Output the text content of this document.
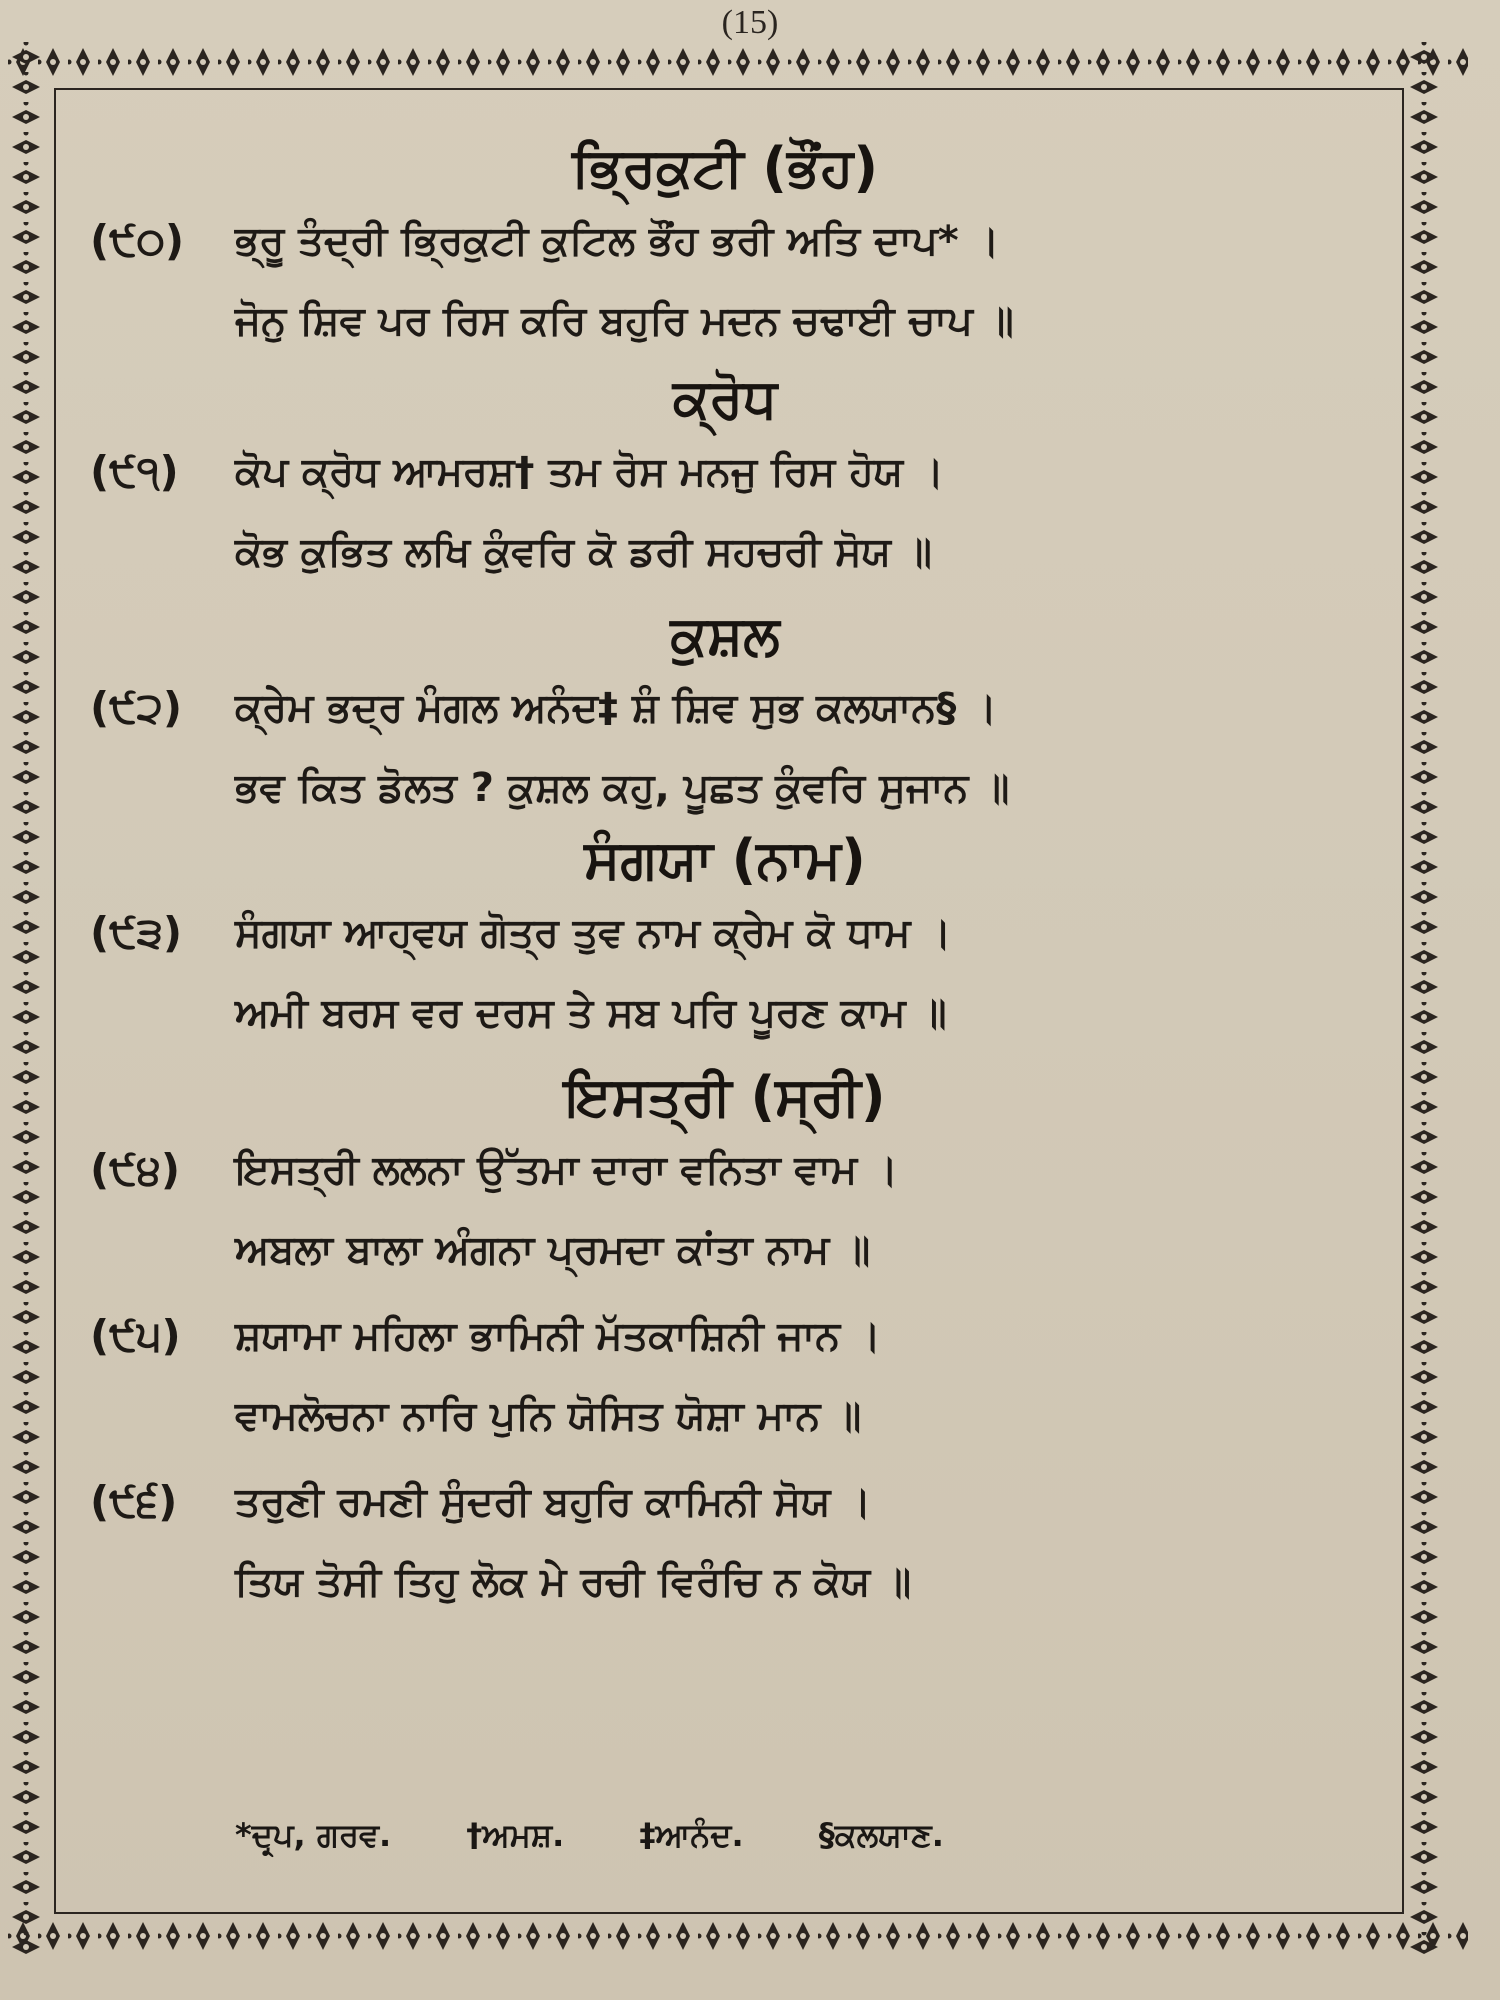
(15)
ਭ੍ਰਿਕੁਟੀ (ਭੌਂਹ)
(੯੦)	ਭ੍ਰੂ ਤੰਦ੍ਰੀ ਭ੍ਰਿਕੁਟੀ ਕੁਟਿਲ ਭੌਂਹ ਭਰੀ ਅਤਿ ਦਾਪ* ।
ਜੋਨੁ ਸ਼ਿਵ ਪਰ ਰਿਸ ਕਰਿ ਬਹੁਰਿ ਮਦਨ ਚਢਾਈ ਚਾਪ ॥
ਕ੍ਰੋਧ
(੯੧)	ਕੋਪ ਕ੍ਰੋਧ ਆਮਰਸ਼† ਤਮ ਰੋਸ ਮਨਜੁ ਰਿਸ ਹੋਯ ।
ਕੋਭ ਕੁਭਿਤ ਲਖਿ ਕੁੰਵਰਿ ਕੋ ਡਰੀ ਸਹਚਰੀ ਸੋਯ ॥
ਕੁਸ਼ਲ
(੯੨)	ਕ੍ਰੇਮ ਭਦ੍ਰ ਮੰਗਲ ਅਨੰਦ‡ ਸ਼ੰ ਸ਼ਿਵ ਸੁਭ ਕਲਯਾਨ§ ।
ਭਵ ਕਿਤ ਡੋਲਤ ? ਕੁਸ਼ਲ ਕਹੁ, ਪੂਛਤ ਕੁੰਵਰਿ ਸੁਜਾਨ ॥
ਸੰਗਯਾ (ਨਾਮ)
(੯੩)	ਸੰਗਯਾ ਆਹ੍ਵਯ ਗੋਤ੍ਰ ਤੁਵ ਨਾਮ ਕ੍ਰੇਮ ਕੋ ਧਾਮ ।
ਅਮੀ ਬਰਸ ਵਰ ਦਰਸ ਤੇ ਸਬ ਪਰਿ ਪੂਰਣ ਕਾਮ ॥
ਇਸਤ੍ਰੀ (ਸ੍ਰੀ)
(੯੪)	ਇਸਤ੍ਰੀ ਲਲਨਾ ਉੱਤਮਾ ਦਾਰਾ ਵਨਿਤਾ ਵਾਮ ।
ਅਬਲਾ ਬਾਲਾ ਅੰਗਨਾ ਪ੍ਰਮਦਾ ਕਾਂਤਾ ਨਾਮ ॥
(੯੫)	ਸ਼ਯਾਮਾ ਮਹਿਲਾ ਭਾਮਿਨੀ ਮੱਤਕਾਸ਼ਿਨੀ ਜਾਨ ।
ਵਾਮਲੋਚਨਾ ਨਾਰਿ ਪੁਨਿ ਯੋਸਿਤ ਯੋਸ਼ਾ ਮਾਨ ॥
(੯੬)	ਤਰੁਣੀ ਰਮਣੀ ਸੁੰਦਰੀ ਬਹੁਰਿ ਕਾਮਿਨੀ ਸੋਯ ।
ਤਿਯ ਤੋਸੀ ਤਿਹੁ ਲੋਕ ਮੇ ਰਚੀ ਵਿਰੰਚਿ ਨ ਕੋਯ ॥
*ਦਰ੍ਪ, ਗਰਵ. †ਅਮਸ਼. ‡ਆਨੰਦ. §ਕਲਯਾਣ.
